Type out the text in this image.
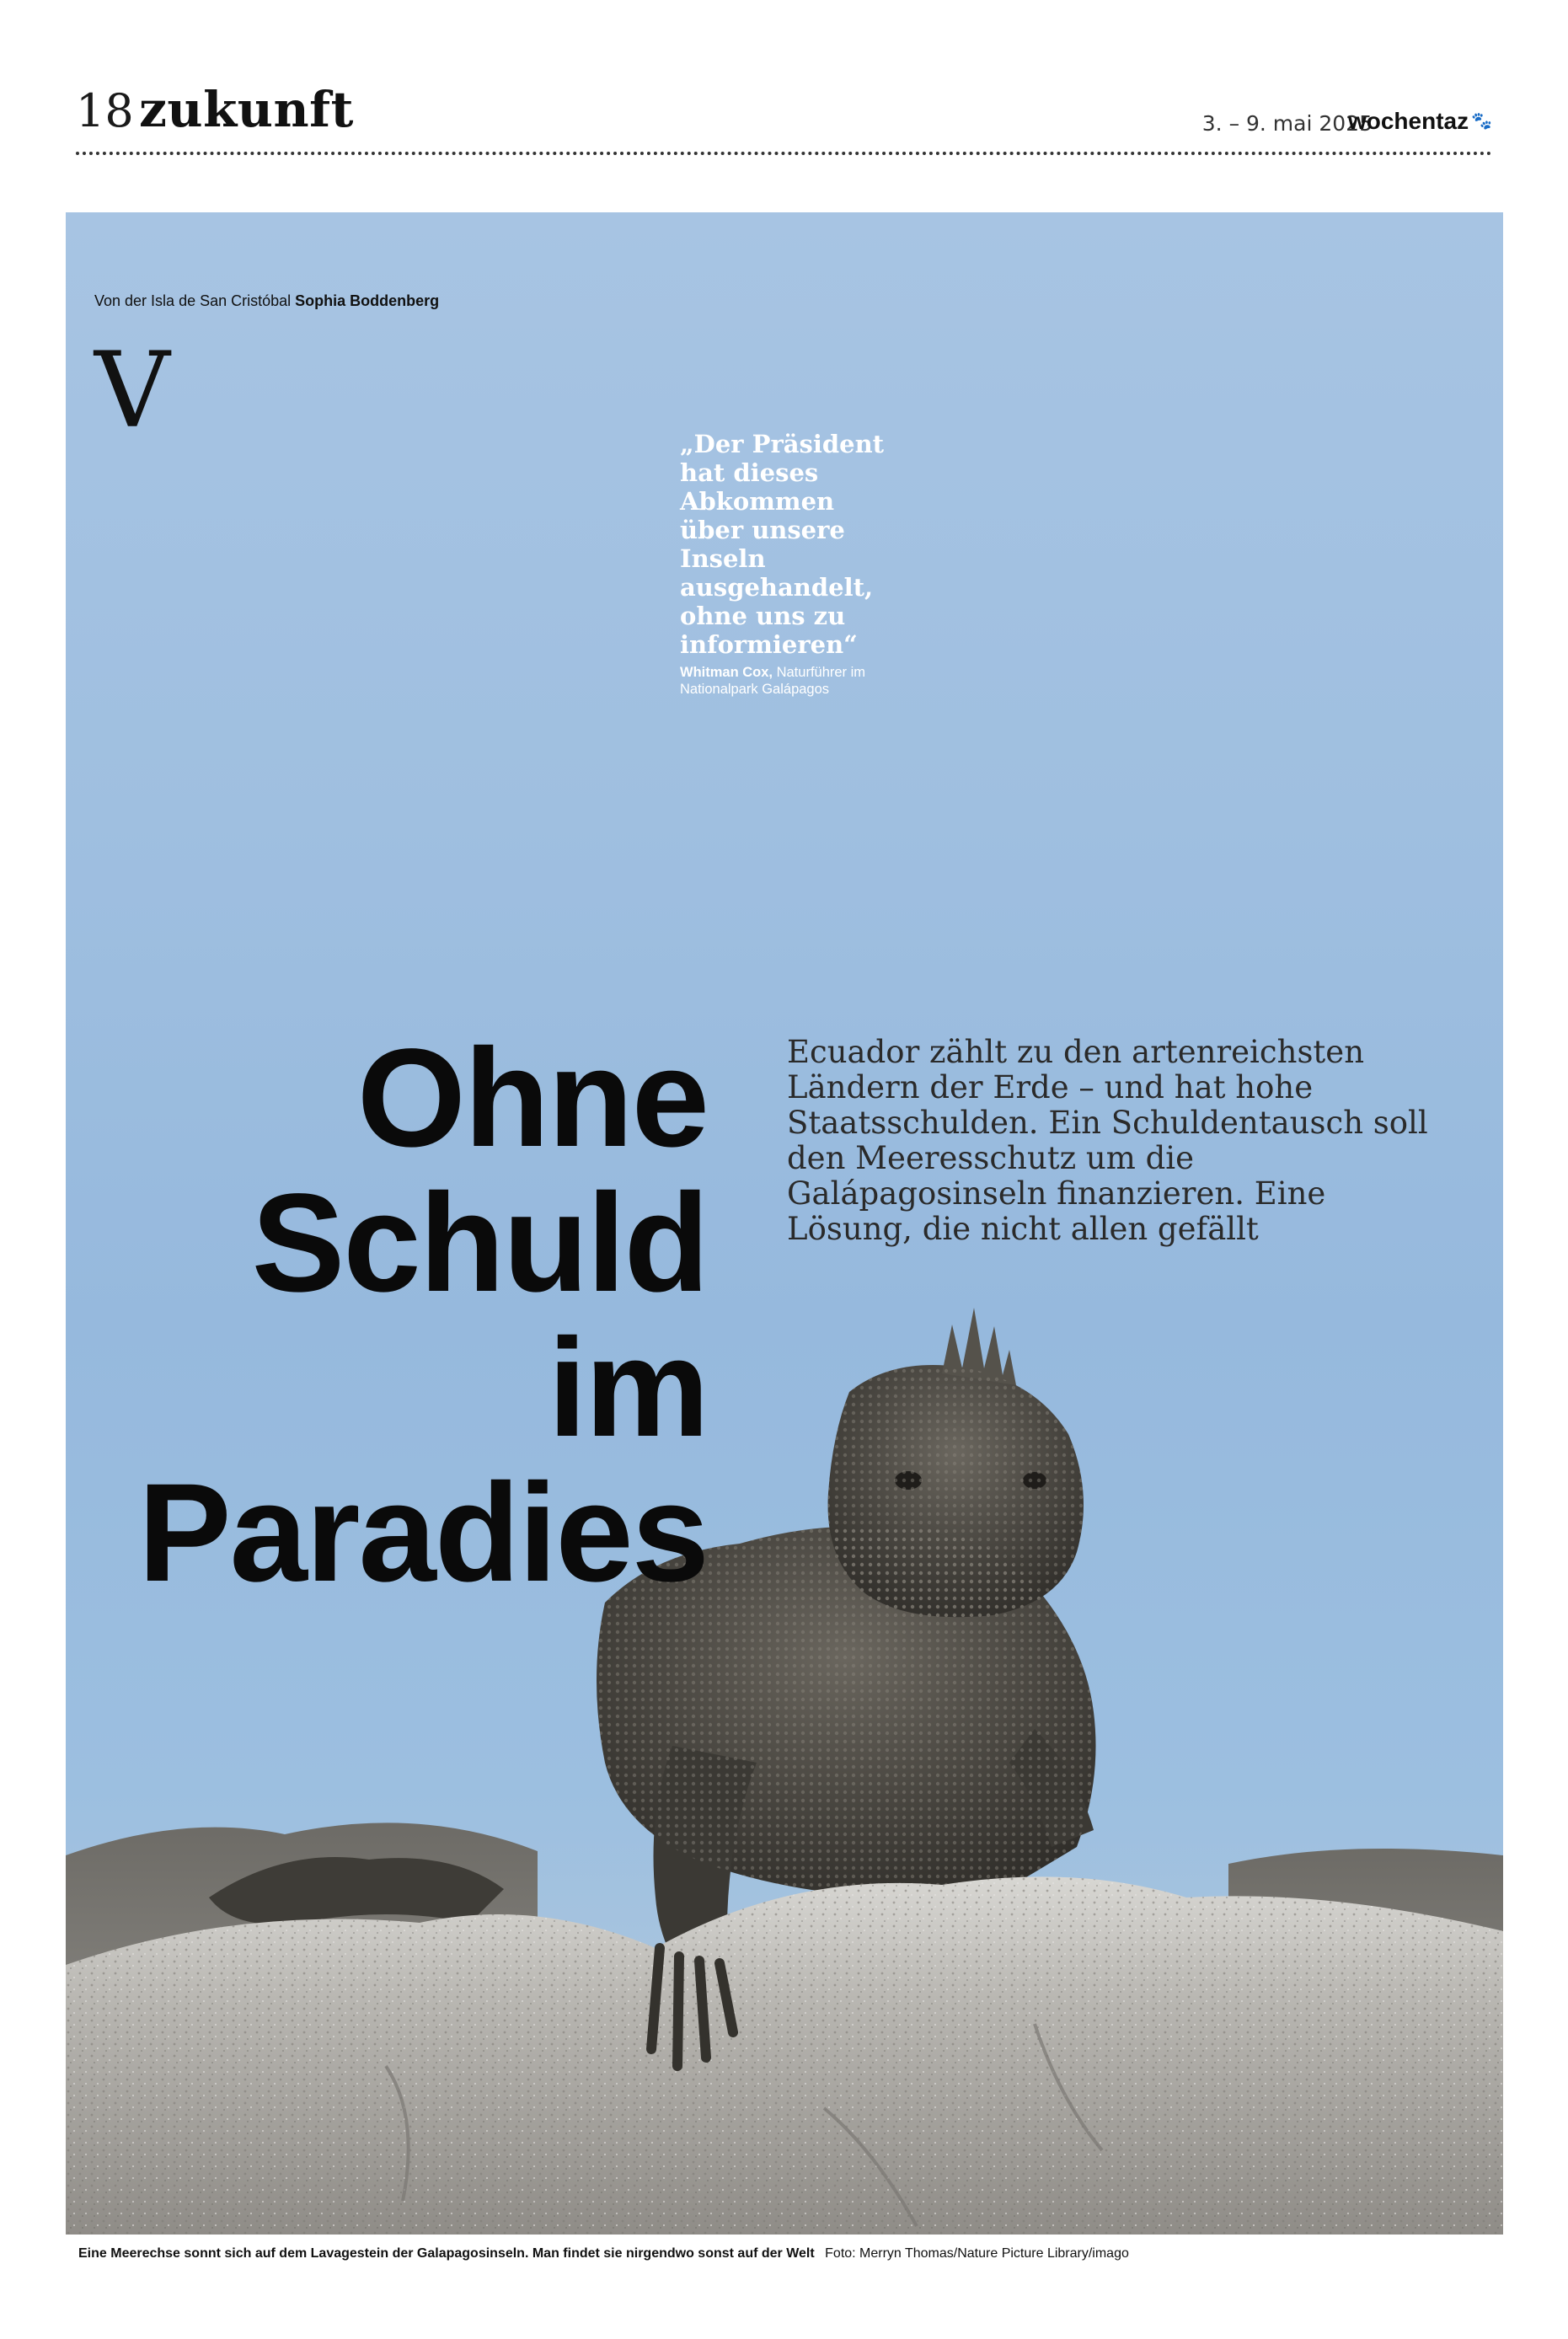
18 zukunft	3. – 9. mai 2025
wochentaz 🐾
Von der Isla de San Cristóbal Sophia Boddenberg
V	„Der Präsident hat dieses Abkommen über unsere Inseln ausgehandelt, ohne uns zu informieren“
Whitman Cox, Naturführer im Nationalpark Galápagos

Ohne
Schuld
im
Paradies
Ecuador zählt zu den artenreichsten Ländern der Erde – und hat hohe Staatsschulden. Ein Schuldentausch soll den Meeresschutz um die Galápagosinseln finanzieren. Eine Lösung, die nicht allen gefällt
Eine Meerechse sonnt sich auf dem Lavagestein der Galapagosinseln. Man findet sie nirgendwo sonst auf der Welt Foto: Merryn Thomas/Nature Picture Library/imago
